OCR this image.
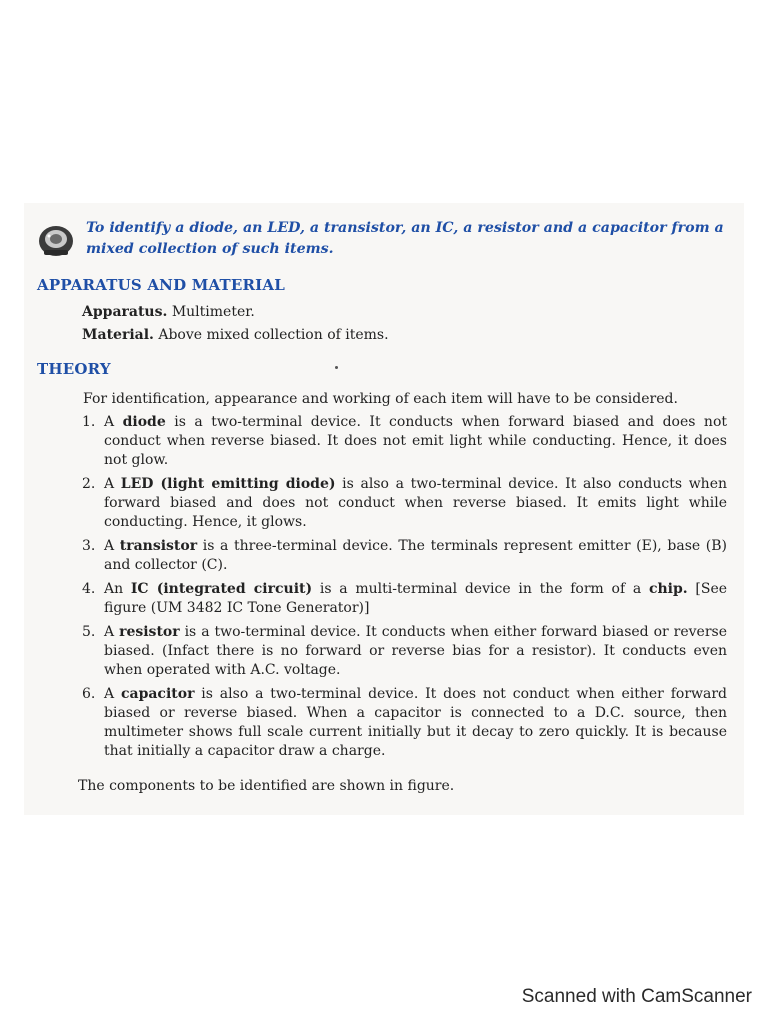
To identify a diode, an LED, a transistor, an IC, a resistor and a capacitor from a mixed collection of such items.
APPARATUS AND MATERIAL
Apparatus. Multimeter.
Material. Above mixed collection of items.
THEORY
For identification, appearance and working of each item will have to be considered.
1. A diode is a two-terminal device. It conducts when forward biased and does not conduct when reverse biased. It does not emit light while conducting. Hence, it does not glow.
2. A LED (light emitting diode) is also a two-terminal device. It also conducts when forward biased and does not conduct when reverse biased. It emits light while conducting. Hence, it glows.
3. A transistor is a three-terminal device. The terminals represent emitter (E), base (B) and collector (C).
4. An IC (integrated circuit) is a multi-terminal device in the form of a chip. [See figure (UM 3482 IC Tone Generator)]
5. A resistor is a two-terminal device. It conducts when either forward biased or reverse biased. (Infact there is no forward or reverse bias for a resistor). It conducts even when operated with A.C. voltage.
6. A capacitor is also a two-terminal device. It does not conduct when either forward biased or reverse biased. When a capacitor is connected to a D.C. source, then multimeter shows full scale current initially but it decay to zero quickly. It is because that initially a capacitor draw a charge.
The components to be identified are shown in figure.
Scanned with CamScanner
